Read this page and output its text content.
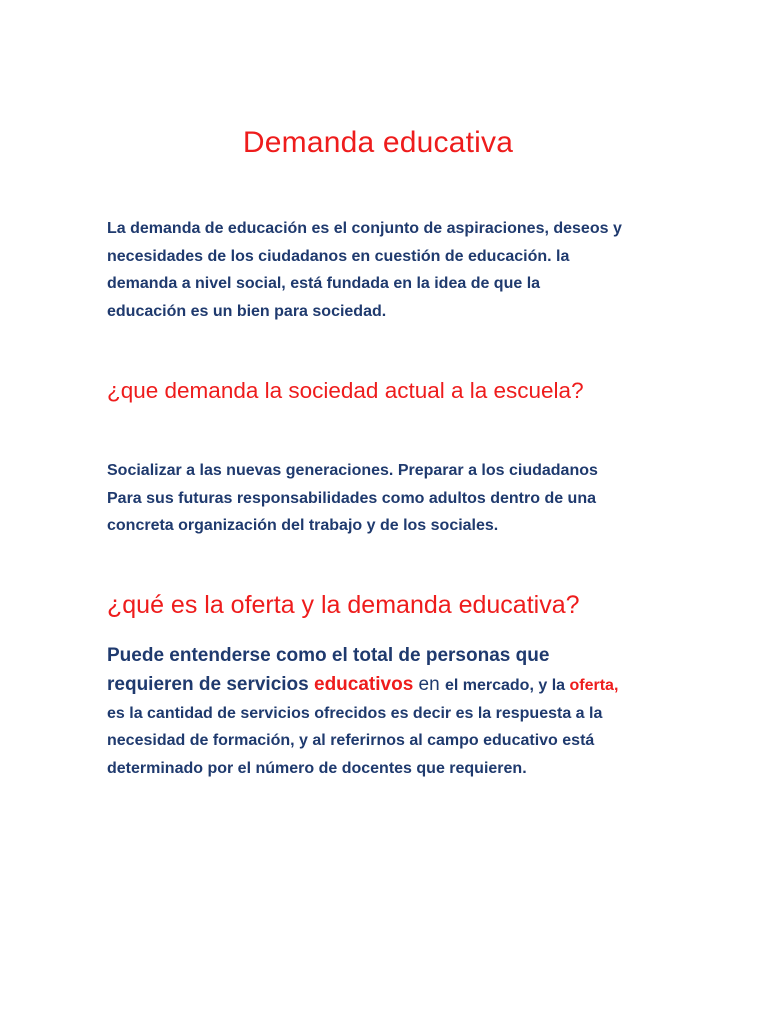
Demanda educativa

La demanda de educación es el conjunto de aspiraciones, deseos y
necesidades de los ciudadanos en cuestión de educación. la
demanda a nivel social, está fundada en la idea de que la
educación es un bien para sociedad.

¿que demanda la sociedad actual a la escuela?

Socializar a las nuevas generaciones. Preparar a los ciudadanos
Para sus futuras responsabilidades como adultos dentro de una
concreta organización del trabajo y de los sociales.

¿qué es la oferta y la demanda educativa?

Puede entenderse como el total de personas que
requieren de servicios educativos en el mercado, y la oferta,
es la cantidad de servicios ofrecidos es decir es la respuesta a la
necesidad de formación, y al referirnos al campo educativo está
determinado por el número de docentes que requieren.
